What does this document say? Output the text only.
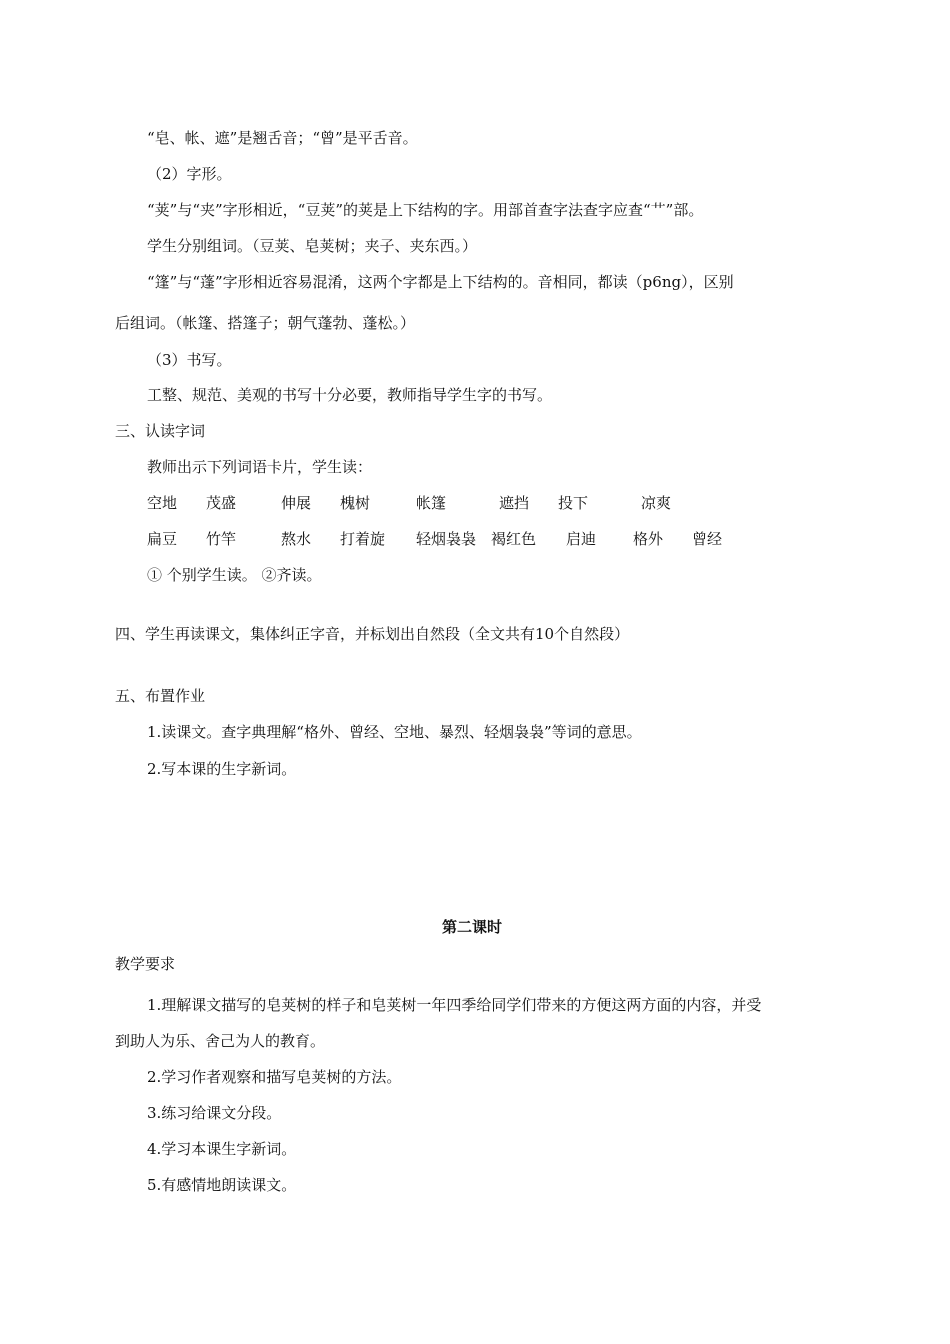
“皂、帐、遮”是翘舌音；“曾”是平舌音。
（2）字形。
“荚”与“夹”字形相近，“豆荚”的荚是上下结构的字。用部首查字法查字应查“艹”部。
学生分别组词。（豆荚、皂荚树；夹子、夹东西。）
“篷”与“蓬”字形相近容易混淆，这两个字都是上下结构的。音相同，都读（p6ng），区别
后组词。（帐篷、搭篷子；朝气蓬勃、蓬松。）
（3）书写。
工整、规范、美观的书写十分必要，教师指导学生字的书写。
三、认读字词
教师出示下列词语卡片，学生读：
空地 茂盛	伸展 槐树	帐篷	遮挡 投下	凉爽
扁豆 竹竿	熬水 打着旋 轻烟袅袅 褐红色 启迪 格外 曾经
① 个别学生读。 ②齐读。
四、学生再读课文，集体纠正字音，并标划出自然段（全文共有10个自然段）
五、布置作业
1.读课文。查字典理解“格外、曾经、空地、暴烈、轻烟袅袅”等词的意思。
2.写本课的生字新词。
第二课时
教学要求
1.理解课文描写的皂荚树的样子和皂荚树一年四季给同学们带来的方便这两方面的内容，并受
到助人为乐、舍己为人的教育。
2.学习作者观察和描写皂荚树的方法。
3.练习给课文分段。
4.学习本课生字新词。
5.有感情地朗读课文。
